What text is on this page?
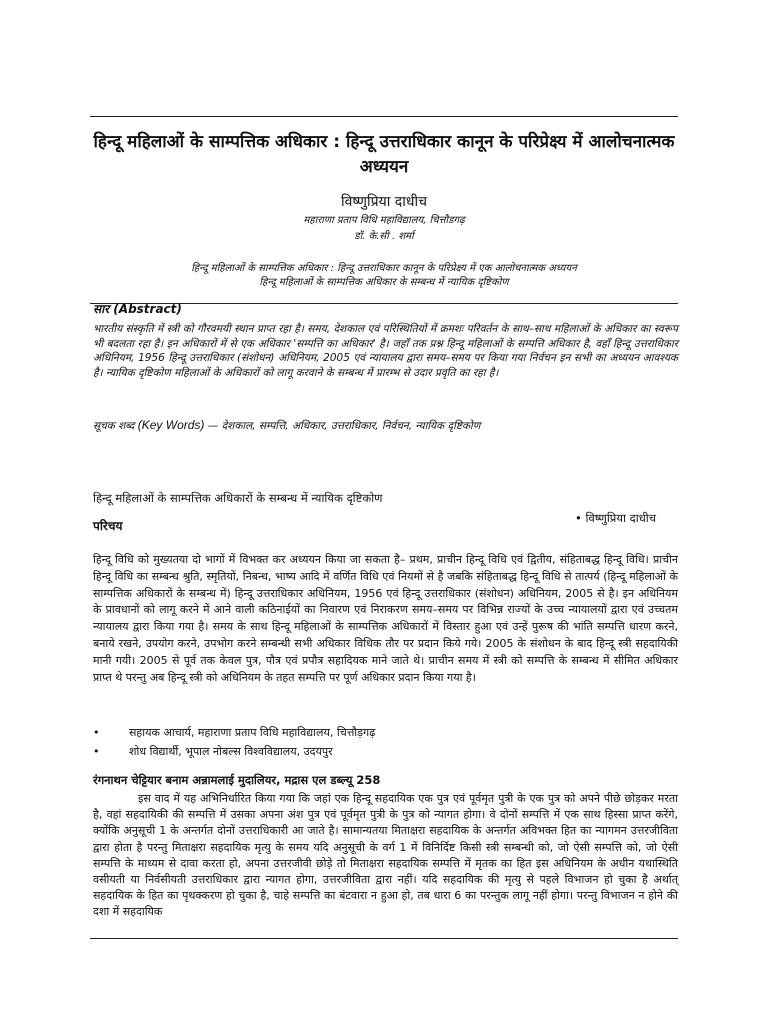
हिन्दू महिलाओं के साम्पत्तिक अधिकार : हिन्दू उत्तराधिकार कानून के परिप्रेक्ष्य में आलोचनात्मक अध्ययन
विष्णुप्रिया दाधीच
महाराणा प्रताप विधि महाविद्यालय, चित्तौडगढ़
डॉ. के.सी . शर्मा
हिन्दू महिलाओं के साम्पत्तिक अधिकार : हिन्दू उत्तराधिकार कानून के परिप्रेक्ष्य में एक आलोचनात्मक अध्ययन
हिन्दू महिलाओं के साम्पत्तिक अधिकार के सम्बन्ध में न्यायिक दृष्टिकोण
सार (Abstract)
भारतीय संस्कृति में स्त्री को गौरवमयी स्थान प्राप्त रहा है। समय, देशकाल एवं परिस्थितियों में क्रमशः परिवर्तन के साथ–साथ महिलाओं के अधिकार का स्वरूप भी बदलता रहा है। इन अधिकारों में से एक अधिकार 'सम्पत्ति का अधिकार' है। जहाँ तक प्रश्न हिन्दू महिलाओं के सम्पत्ति अधिकार है, वहाँ हिन्दू उत्तराधिकार अधिनियम, 1956 हिन्दू उत्तराधिकार (संशोधन) अधिनियम, 2005 एवं न्यायालय द्वारा समय–समय पर किया गया निर्वचन इन सभी का अध्ययन आवश्यक है। न्यायिक दृष्टिकोण महिलाओं के अधिकारों को लागू करवाने के सम्बन्ध में प्रारम्भ से उदार प्रवृति का रहा है।
सूचक शब्द (Key Words) — देशकाल, सम्पत्ति, अधिकार, उत्तराधिकार, निर्वचन, न्यायिक दृष्टिकोण
हिन्दू महिलाओं के साम्पत्तिक अधिकारों के सम्बन्ध में न्यायिक दृष्टिकोण
• विष्णुप्रिया दाधीच
परिचय
हिन्दू विधि को मुख्यतया दो भागों में विभक्त कर अध्ययन किया जा सकता है– प्रथम, प्राचीन हिन्दू विधि एवं द्वितीय, संहिताबद्ध हिन्दू विधि। प्राचीन हिन्दू विधि का सम्बन्ध श्रुति, स्मृतियों, निबन्ध, भाष्य आदि में वर्णित विधि एवं नियमों से है जबकि संहिताबद्ध हिन्दू विधि से तात्पर्य (हिन्दू महिलाओं के साम्पत्तिक अधिकारों के सम्बन्ध में) हिन्दू उत्तराधिकार अधिनियम, 1956 एवं हिन्दू उत्तराधिकार (संशोधन) अधिनियम, 2005 से है। इन अधिनियम के प्रावधानों को लागू करने में आने वाली कठिनाईयों का निवारण एवं निराकरण समय–समय पर विभिन्न राज्यों के उच्च न्यायालयों द्वारा एवं उच्चतम न्यायालय द्वारा किया गया है। समय के साथ हिन्दू महिलाओं के साम्पत्तिक अधिकारों में विस्तार हुआ एवं उन्हें पुरूष की भांति सम्पत्ति धारण करने, बनाये रखने, उपयोग करने, उपभोग करने सम्बन्धी सभी अधिकार विधिक तौर पर प्रदान किये गये। 2005 के संशोधन के बाद हिन्दू स्त्री सहदायिकी मानी गयी। 2005 से पूर्व तक केवल पुत्र, पौत्र एवं प्रपौत्र सहादियक माने जाते थे। प्राचीन समय में स्त्री को सम्पत्ति के सम्बन्ध में सीमित अधिकार प्राप्त थे परन्तु अब हिन्दू स्त्री को अधिनियम के तहत सम्पत्ति पर पूर्ण अधिकार प्रदान किया गया है।
•	सहायक आचार्य, महाराणा प्रताप विधि महाविद्यालय, चित्तौड़गढ़
•	शोध विद्यार्थी, भूपाल नोबल्स विश्वविद्यालय, उदयपुर
रंगनाथन चेट्टियार बनाम अन्नामलाई मुदालियर, मद्रास एल डब्ल्यू 258
इस वाद में यह अभिनिर्धारित किया गया कि जहां एक हिन्दू सहदायिक एक पुत्र एवं पूर्वमृत पुत्री के एक पुत्र को अपने पीछे छोड़कर मरता है, वहां सहदायिकी की सम्पत्ति में उसका अपना अंश पुत्र एवं पूर्वमृत पुत्री के पुत्र को न्यागत होगा। वे दोनों सम्पत्ति में एक साथ हिस्सा प्राप्त करेंगे, क्योंकि अनुसूची 1 के अन्तर्गत दोनों उत्तराधिकारी आ जाते है। सामान्यतया मिताक्षरा सहदायिक के अन्तर्गत अविभक्त हित का न्यागमन उत्तरजीविता द्वारा होता है परन्तु मिताक्षरा सहदायिक मृत्यु के समय यदि अनुसूची के वर्ग 1 में विनिर्दिष्ट किसी स्त्री सम्बन्धी को, जो ऐसी सम्पत्ति को, जो ऐसी सम्पत्ति के माध्यम से दावा करता हो, अपना उत्तरजीवी छोड़े तो मिताक्षरा सहदायिक सम्पत्ति में मृतक का हित इस अधिनियम के अधीन यथास्थिति वसीयती या निर्वसीयती उत्तराधिकार द्वारा न्यागत होगा, उत्तरजीविता द्वारा नहीं। यदि सहदायिक की मृत्यु से पहले विभाजन हो चुका है अर्थात् सहदायिक के हित का पृथक्करण हो चुका है, चाहे सम्पत्ति का बंटवारा न हुआ हो, तब धारा 6 का परन्तुक लागू नहीं होगा। परन्तु विभाजन न होने की दशा में सहदायिक
